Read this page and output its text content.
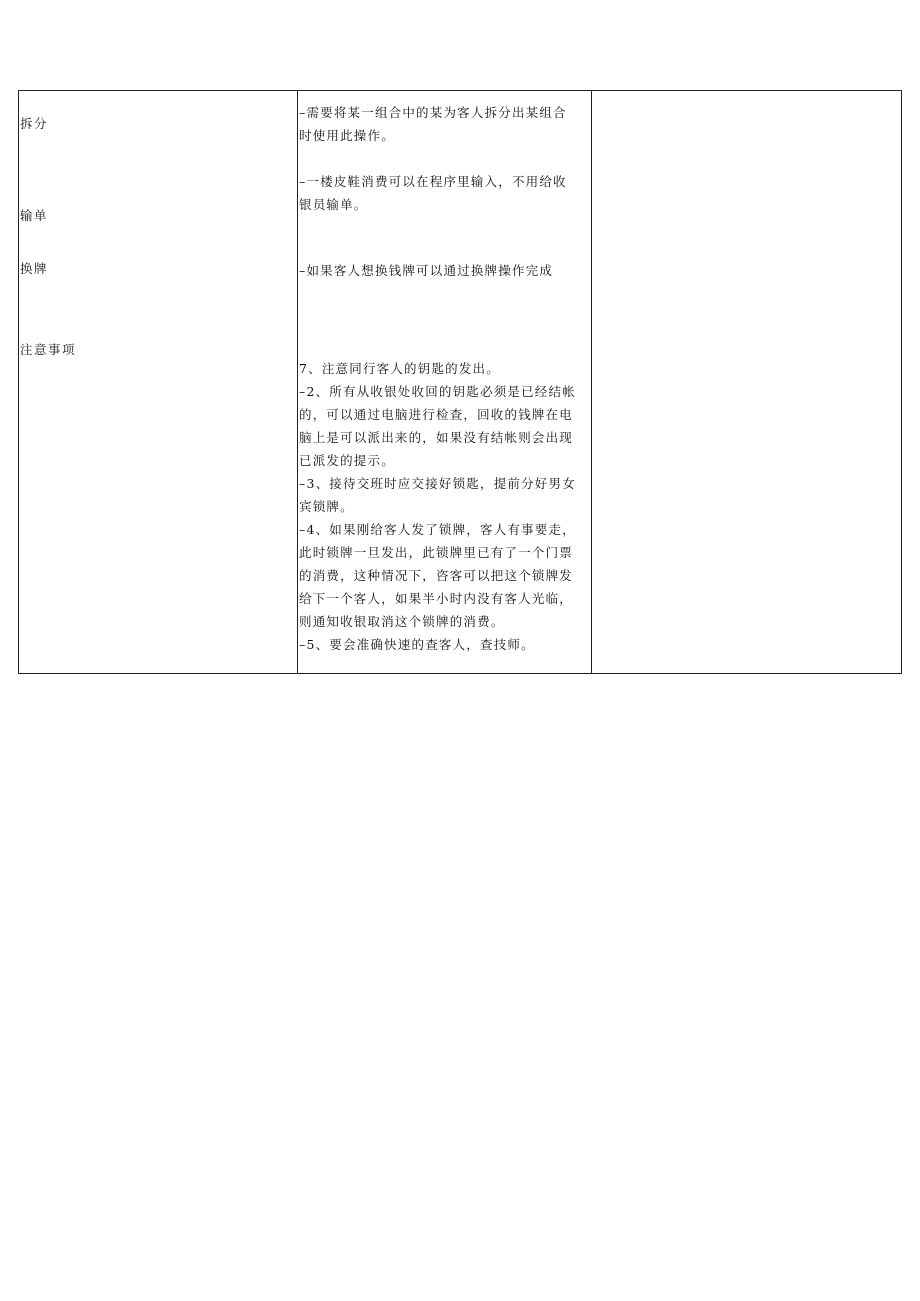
拆分
输单
换牌
注意事项
–需要将某一组合中的某为客人拆分出某组合
时使用此操作。
–一楼皮鞋消费可以在程序里输入，不用给收
银员输单。
–如果客人想换钱牌可以通过换牌操作完成
7、注意同行客人的钥匙的发出。
–2、所有从收银处收回的钥匙必须是已经结帐
的，可以通过电脑进行检查，回收的钱牌在电
脑上是可以派出来的，如果没有结帐则会出现
已派发的提示。
–3、接待交班时应交接好锁匙，提前分好男女
宾锁牌。
–4、如果刚给客人发了锁牌，客人有事要走，
此时锁牌一旦发出，此锁牌里已有了一个门票
的消费，这种情况下，咨客可以把这个锁牌发
给下一个客人，如果半小时内没有客人光临，
则通知收银取消这个锁牌的消费。
–5、要会准确快速的查客人，查技师。
